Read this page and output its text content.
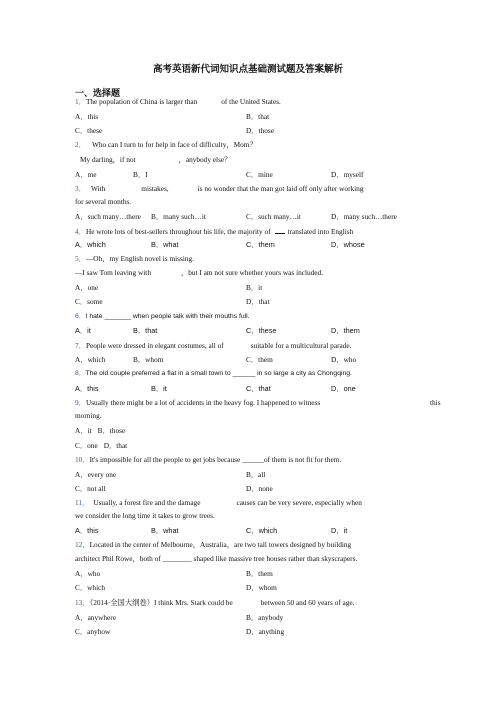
高考英语新代词知识点基础测试题及答案解析
一、选择题
1．The population of China is larger than	of the United States.
A．this	B．that
C．these	D．those
2． Who can I turn to for help in face of difficulty，Mom？
My darling，if not	，anybody else？
A．me	B．I	C．mine	D．myself
3． With	mistakes,	is no wonder that the man got laid off only after working
for several months.
A．such many…there B．many such…it	C．such many…it	D．many such…there
4．He wrote lots of best-sellers throughout his life, the majority of translated into English
A．which	B．what	C．them	D．whose
5．—Oh，my English novel is missing.
—I saw Tom leaving with	，but I am not sure whether yours was included.
A．one	B．it
C．some	D．that
6．I hate _______ when people talk with their mouths full.
A．it	B．that	C．these	D．them
7．People were dressed in elegant costumes, all of	suitable for a multicultural parade.
A．which	B．whom	C．them	D．who
8．The old couple preferred a flat in a small town to ______ in so large a city as Chongqing.
A．this	B．it	C．that	D．one
9．Usually there might be a lot of accidents in the heavy fog. I happened to witness	this
morning.
A．it B．those
C．one D．that
10．It's impossible for all the people to get jobs because ______of them is not fit for them.
A．every one	B．all
C．not all	D．none
11． Usually, a forest fire and the damage	causes can be very severe, especially when
we consider the long time it takes to grow trees.
A．this	B．what	C．which	D．it
12．Located in the center of Melbourne，Australia，are two tall towers designed by building
architect Phil Rowe，both of ________ shaped like massive tree houses rather than skyscrapers.
A．who	B．them
C．which	D．whom
13．（2014·全国大纲卷）I think Mrs. Stark could be	between 50 and 60 years of age.
A．anywhere	B．anybody
C．anyhow	D．anything
